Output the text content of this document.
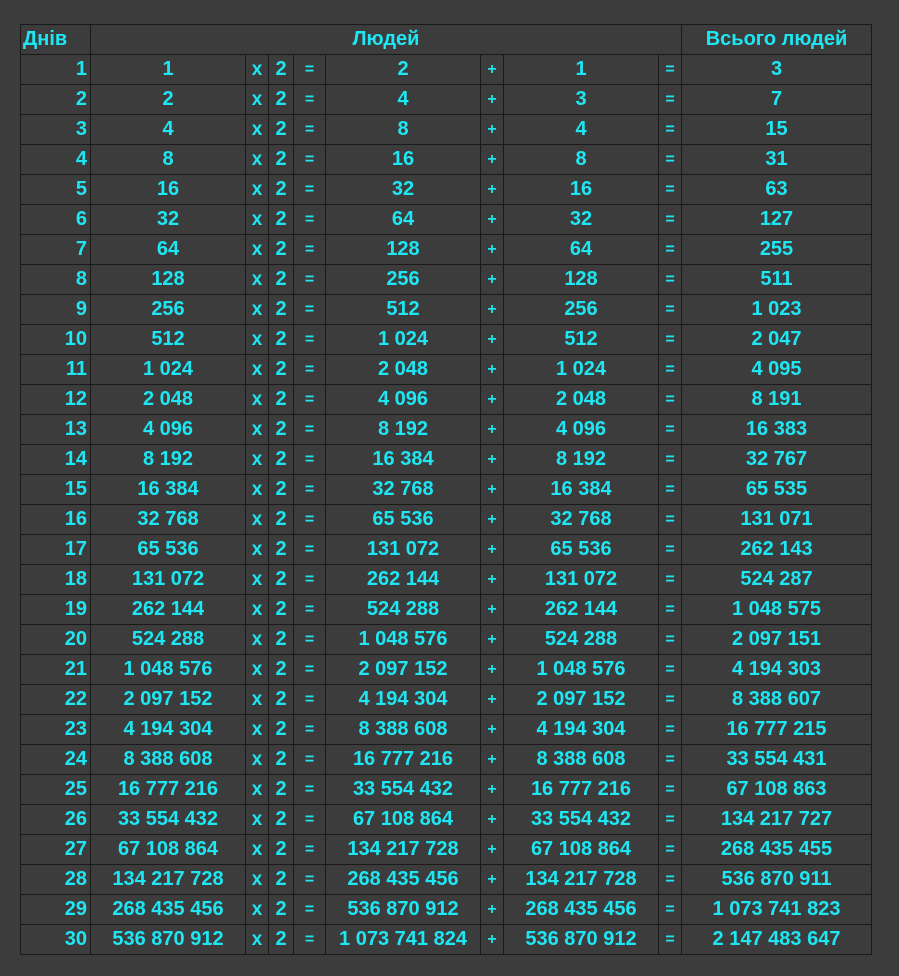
Днів	Людей								Всього людей
1	1	х	2	=	2	+	1	=	3
2	2	х	2	=	4	+	3	=	7
3	4	х	2	=	8	+	4	=	15
4	8	х	2	=	16	+	8	=	31
5	16	х	2	=	32	+	16	=	63
6	32	х	2	=	64	+	32	=	127
7	64	х	2	=	128	+	64	=	255
8	128	х	2	=	256	+	128	=	511
9	256	х	2	=	512	+	256	=	1 023
10	512	х	2	=	1 024	+	512	=	2 047
11	1 024	х	2	=	2 048	+	1 024	=	4 095
12	2 048	х	2	=	4 096	+	2 048	=	8 191
13	4 096	х	2	=	8 192	+	4 096	=	16 383
14	8 192	х	2	=	16 384	+	8 192	=	32 767
15	16 384	х	2	=	32 768	+	16 384	=	65 535
16	32 768	х	2	=	65 536	+	32 768	=	131 071
17	65 536	х	2	=	131 072	+	65 536	=	262 143
18	131 072	х	2	=	262 144	+	131 072	=	524 287
19	262 144	х	2	=	524 288	+	262 144	=	1 048 575
20	524 288	х	2	=	1 048 576	+	524 288	=	2 097 151
21	1 048 576	х	2	=	2 097 152	+	1 048 576	=	4 194 303
22	2 097 152	х	2	=	4 194 304	+	2 097 152	=	8 388 607
23	4 194 304	х	2	=	8 388 608	+	4 194 304	=	16 777 215
24	8 388 608	х	2	=	16 777 216	+	8 388 608	=	33 554 431
25	16 777 216	х	2	=	33 554 432	+	16 777 216	=	67 108 863
26	33 554 432	х	2	=	67 108 864	+	33 554 432	=	134 217 727
27	67 108 864	х	2	=	134 217 728	+	67 108 864	=	268 435 455
28	134 217 728	х	2	=	268 435 456	+	134 217 728	=	536 870 911
29	268 435 456	х	2	=	536 870 912	+	268 435 456	=	1 073 741 823
30	536 870 912	х	2	=	1 073 741 824	+	536 870 912	=	2 147 483 647
